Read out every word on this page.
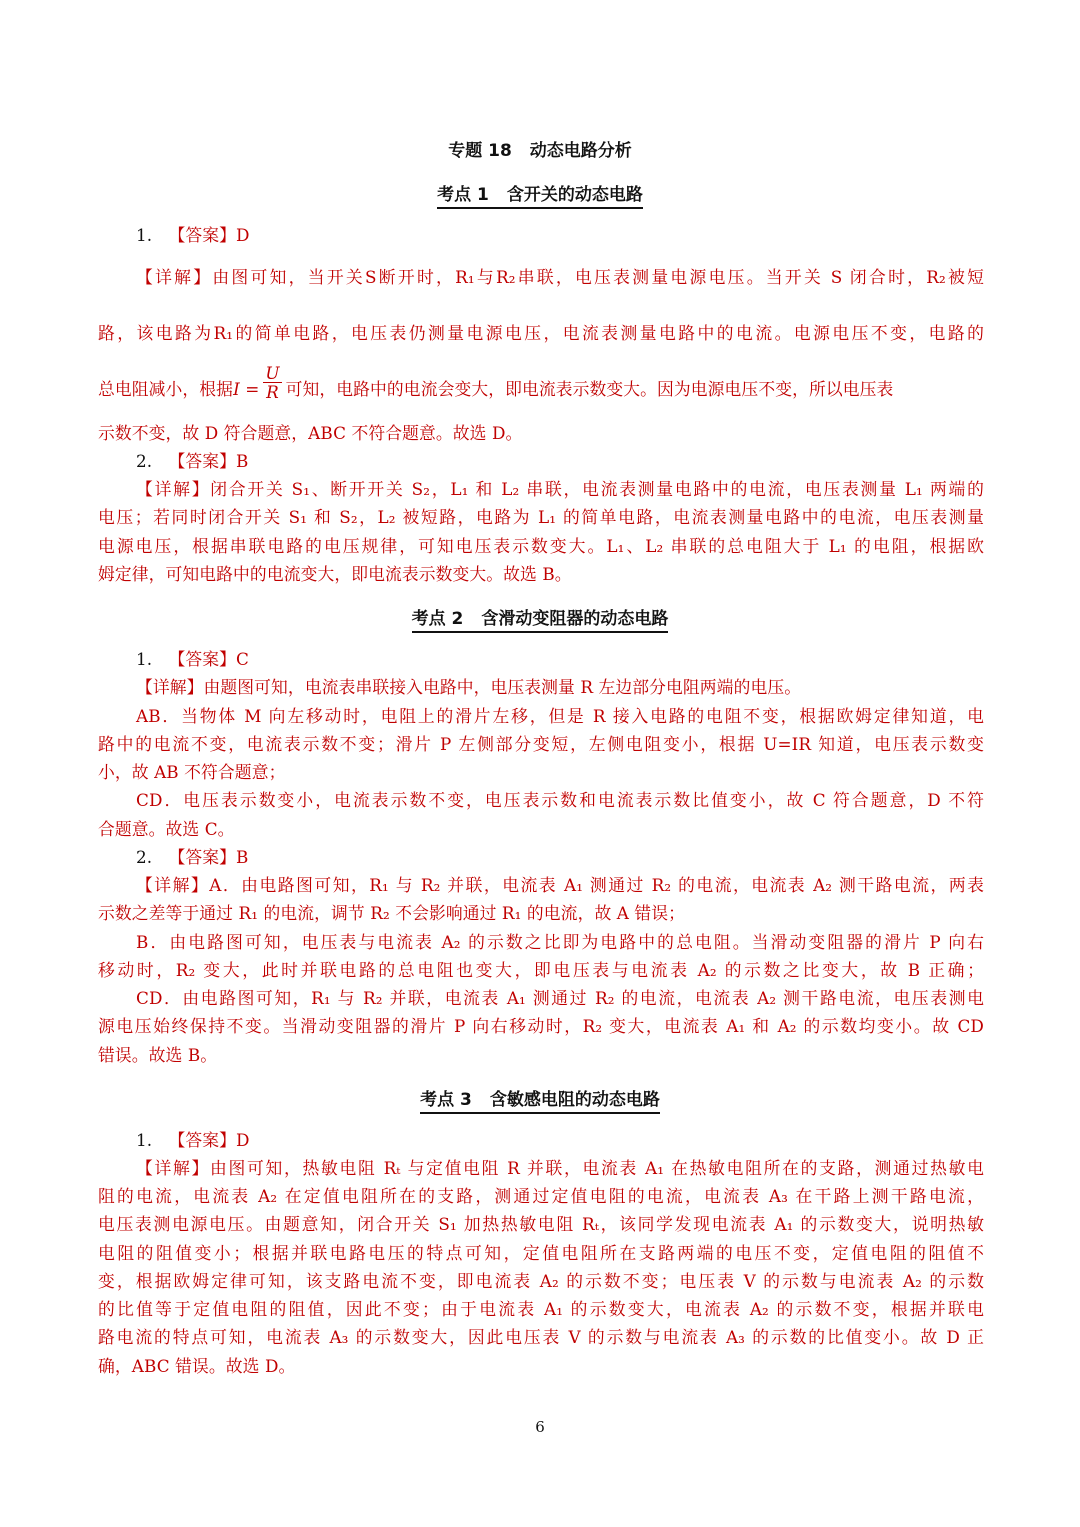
专题 18 动态电路分析
考点 1 含开关的动态电路
1. 【答案】D
【详解】由图可知，当开关S断开时，R₁与R₂串联，电压表测量电源电压。当开关 S 闭合时，R₂被短
路，该电路为R₁的简单电路，电压表仍测量电源电压，电流表测量电路中的电流。电源电压不变，电路的
总电阻减小，根据$I = \frac{U}{R}$ 可知，电路中的电流会变大，即电流表示数变大。因为电源电压不变，所以电压表
示数不变，故 D 符合题意，ABC 不符合题意。故选 D。
2. 【答案】B
【详解】闭合开关 S₁、断开开关 S₂，L₁ 和 L₂ 串联，电流表测量电路中的电流，电压表测量 L₁ 两端的
电压；若同时闭合开关 S₁ 和 S₂，L₂ 被短路，电路为 L₁ 的简单电路，电流表测量电路中的电流，电压表测量
电源电压，根据串联电路的电压规律，可知电压表示数变大。L₁、L₂ 串联的总电阻大于 L₁ 的电阻，根据欧
姆定律，可知电路中的电流变大，即电流表示数变大。故选 B。
考点 2 含滑动变阻器的动态电路
1. 【答案】C
【详解】由题图可知，电流表串联接入电路中，电压表测量 R 左边部分电阻两端的电压。
AB．当物体 M 向左移动时，电阻上的滑片左移，但是 R 接入电路的电阻不变，根据欧姆定律知道，电
路中的电流不变，电流表示数不变；滑片 P 左侧部分变短，左侧电阻变小，根据 U=IR 知道，电压表示数变
小，故 AB 不符合题意；
CD．电压表示数变小，电流表示数不变，电压表示数和电流表示数比值变小，故 C 符合题意，D 不符
合题意。故选 C。
2. 【答案】B
【详解】A．由电路图可知，R₁ 与 R₂ 并联，电流表 A₁ 测通过 R₂ 的电流，电流表 A₂ 测干路电流，两表
示数之差等于通过 R₁ 的电流，调节 R₂ 不会影响通过 R₁ 的电流，故 A 错误；
B．由电路图可知，电压表与电流表 A₂ 的示数之比即为电路中的总电阻。当滑动变阻器的滑片 P 向右
移动时，R₂ 变大，此时并联电路的总电阻也变大，即电压表与电流表 A₂ 的示数之比变大，故 B 正确；
CD．由电路图可知，R₁ 与 R₂ 并联，电流表 A₁ 测通过 R₂ 的电流，电流表 A₂ 测干路电流，电压表测电
源电压始终保持不变。当滑动变阻器的滑片 P 向右移动时，R₂ 变大，电流表 A₁ 和 A₂ 的示数均变小。故 CD
错误。故选 B。
考点 3 含敏感电阻的动态电路
1. 【答案】D
【详解】由图可知，热敏电阻 Rₜ 与定值电阻 R 并联，电流表 A₁ 在热敏电阻所在的支路，测通过热敏电
阻的电流，电流表 A₂ 在定值电阻所在的支路，测通过定值电阻的电流，电流表 A₃ 在干路上测干路电流，
电压表测电源电压。由题意知，闭合开关 S₁ 加热热敏电阻 Rₜ，该同学发现电流表 A₁ 的示数变大，说明热敏
电阻的阻值变小；根据并联电路电压的特点可知，定值电阻所在支路两端的电压不变，定值电阻的阻值不
变，根据欧姆定律可知，该支路电流不变，即电流表 A₂ 的示数不变；电压表 V 的示数与电流表 A₂ 的示数
的比值等于定值电阻的阻值，因此不变；由于电流表 A₁ 的示数变大，电流表 A₂ 的示数不变，根据并联电
路电流的特点可知，电流表 A₃ 的示数变大，因此电压表 V 的示数与电流表 A₃ 的示数的比值变小。故 D 正
确，ABC 错误。故选 D。
6
